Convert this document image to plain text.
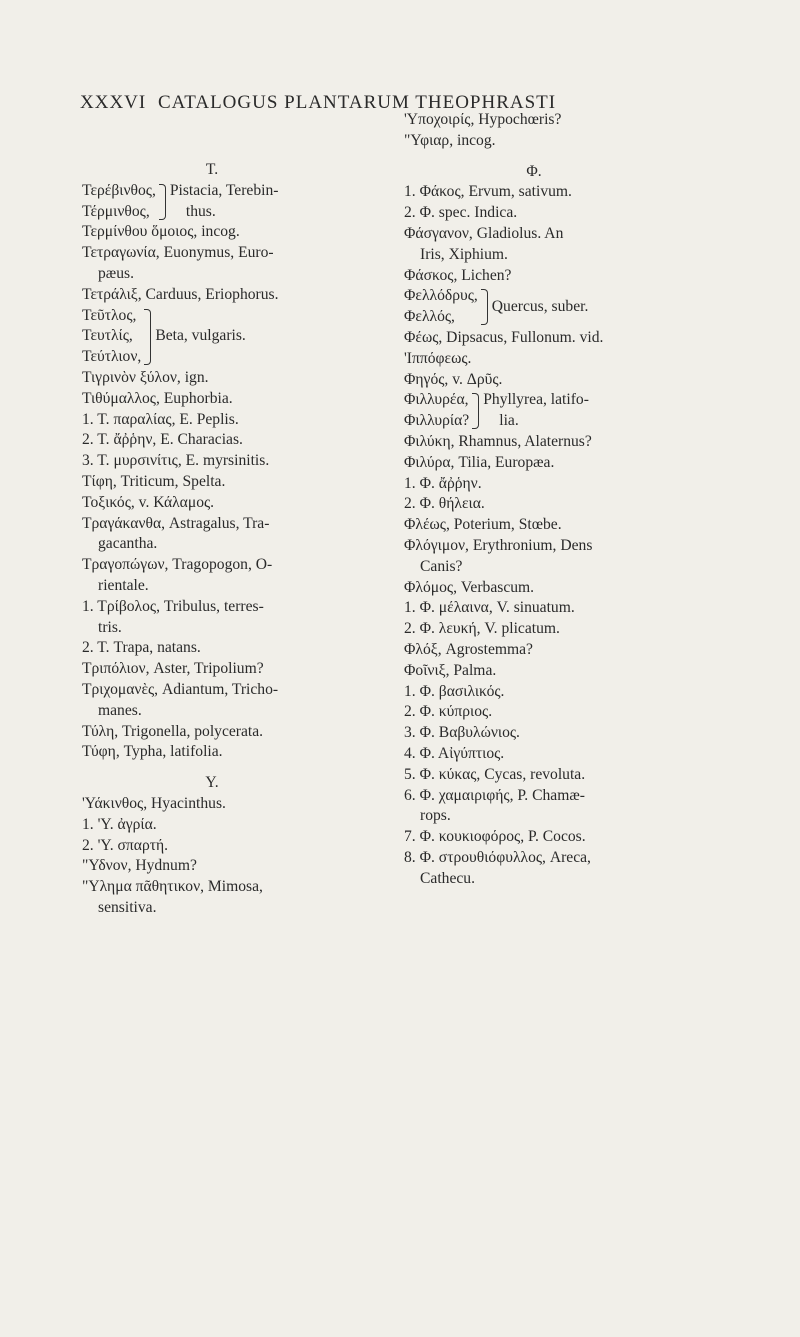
XXXVI CATALOGUS PLANTARUM THEOPHRASTI
Τ.
Τερέβινθος,
Τέρμινθος,
Pistacia, Terebin-
thus.
Τερμίνθου ὅμοιος, incog.
Τετραγωνία, Euonymus, Euro-
pæus.
Τετράλιξ, Carduus, Eriophorus.
Τεῦτλος,
Τευτλίς,
Τεύτλιον,
Beta, vulgaris.
Τιγρινὸν ξύλον, ign.
Τιθύμαλλος, Euphorbia.
1. Τ. παραλίας, E. Peplis.
2. Τ. ἄῤῥην, E. Characias.
3. Τ. μυρσινίτις, E. myrsinitis.
Τίφη, Triticum, Spelta.
Τοξικός, v. Κάλαμος.
Τραγάκανθα, Astragalus, Tra-
gacantha.
Τραγοπώγων, Tragopogon, O-
rientale.
1. Τρίβολος, Tribulus, terres-
tris.
2. Τ. Trapa, natans.
Τριπόλιον, Aster, Tripolium?
Τριχομανὲς, Adiantum, Tricho-
manes.
Τύλη, Trigonella, polycerata.
Τύφη, Typha, latifolia.
Υ.
'Υάκινθος, Hyacinthus.
1. 'Υ. ἀγρία.
2. 'Υ. σπαρτή.
"Υδνον, Hydnum?
"Υλημα πᾶθητικον, Mimosa,
sensitiva.
'Υποχοιρίς, Hypochœris?
"Υφιαρ, incog.
Φ.
1. Φάκος, Ervum, sativum.
2. Φ. spec. Indica.
Φάσγανον, Gladiolus. An
Iris, Xiphium.
Φάσκος, Lichen?
Φελλόδρυς,
Φελλός,
Quercus, suber.
Φέως, Dipsacus, Fullonum. vid.
'Ιππόφεως.
Φηγός, v. Δρῦς.
Φιλλυρέα,
Φιλλυρία?
Phyllyrea, latifo-
lia.
Φιλύκη, Rhamnus, Alaternus?
Φιλύρα, Tilia, Europæa.
1. Φ. ἄῤῥην.
2. Φ. θήλεια.
Φλέως, Poterium, Stœbe.
Φλόγιμον, Erythronium, Dens
Canis?
Φλόμος, Verbascum.
1. Φ. μέλαινα, V. sinuatum.
2. Φ. λευκή, V. plicatum.
Φλόξ, Agrostemma?
Φοῖνιξ, Palma.
1. Φ. βασιλικός.
2. Φ. κύπριος.
3. Φ. Βαβυλώνιος.
4. Φ. Αἰγύπτιος.
5. Φ. κύκας, Cycas, revoluta.
6. Φ. χαμαιριφής, P. Chamæ-
rops.
7. Φ. κουκιοφόρος, P. Cocos.
8. Φ. στρουθιόφυλλος, Areca,
Cathecu.
